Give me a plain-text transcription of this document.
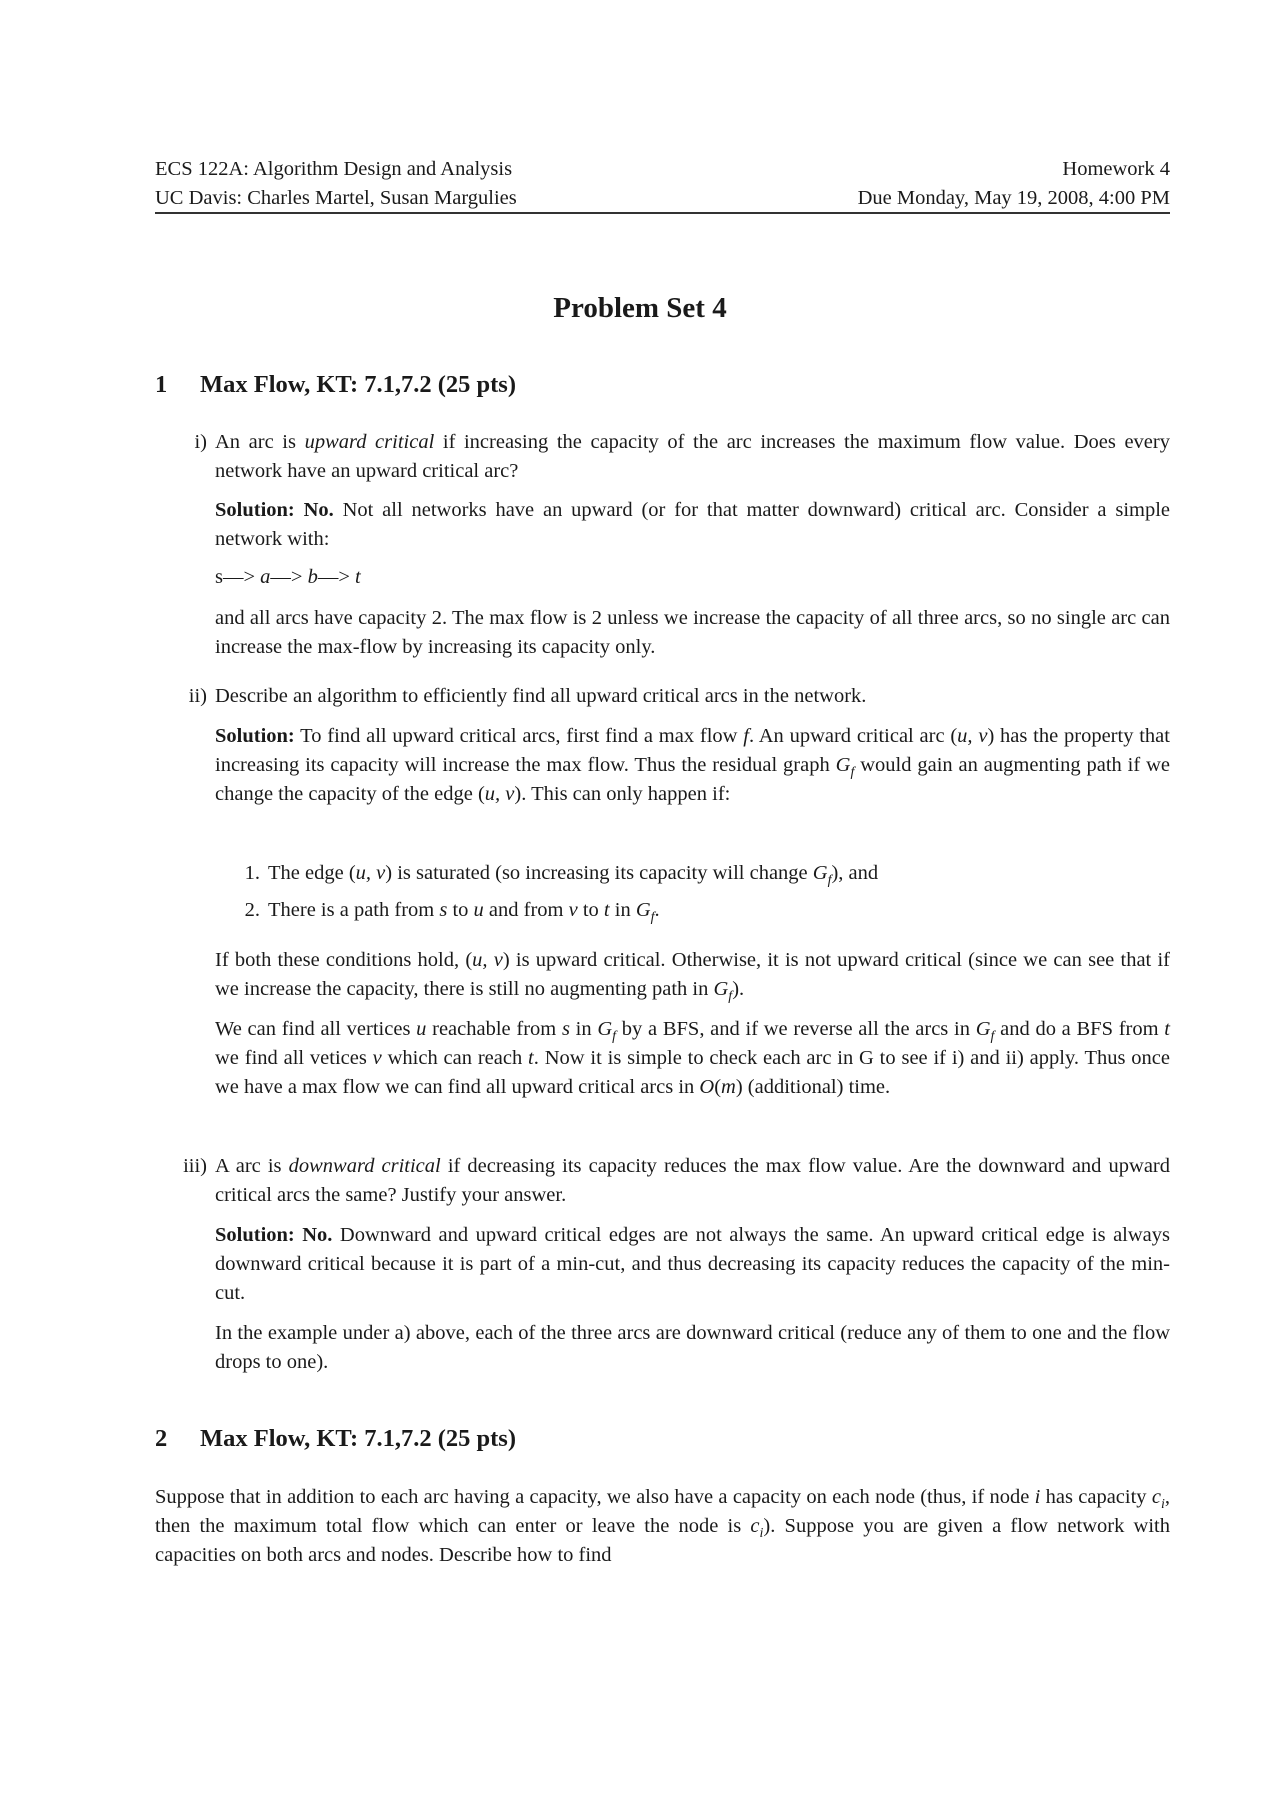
ECS 122A: Algorithm Design and Analysis	Homework 4
UC Davis: Charles Martel, Susan Margulies	Due Monday, May 19, 2008, 4:00 PM
Problem Set 4
1 Max Flow, KT: 7.1,7.2 (25 pts)
i) An arc is upward critical if increasing the capacity of the arc increases the maximum flow value. Does every network have an upward critical arc?
Solution: No. Not all networks have an upward (or for that matter downward) critical arc. Consider a simple network with:
s—> a—> b—> t
and all arcs have capacity 2. The max flow is 2 unless we increase the capacity of all three arcs, so no single arc can increase the max-flow by increasing its capacity only.
ii) Describe an algorithm to efficiently find all upward critical arcs in the network.
Solution: To find all upward critical arcs, first find a max flow f. An upward critical arc (u, v) has the property that increasing its capacity will increase the max flow. Thus the residual graph $G_f$ would gain an augmenting path if we change the capacity of the edge (u, v). This can only happen if:
1. The edge (u, v) is saturated (so increasing its capacity will change $G_f$), and
2. There is a path from s to u and from v to t in $G_f$.
If both these conditions hold, (u, v) is upward critical. Otherwise, it is not upward critical (since we can see that if we increase the capacity, there is still no augmenting path in $G_f$).
We can find all vertices u reachable from s in $G_f$ by a BFS, and if we reverse all the arcs in $G_f$ and do a BFS from t we find all vetices v which can reach t. Now it is simple to check each arc in G to see if i) and ii) apply. Thus once we have a max flow we can find all upward critical arcs in O(m) (additional) time.
iii) A arc is downward critical if decreasing its capacity reduces the max flow value. Are the downward and upward critical arcs the same? Justify your answer.
Solution: No. Downward and upward critical edges are not always the same. An upward critical edge is always downward critical because it is part of a min-cut, and thus decreasing its capacity reduces the capacity of the min-cut.
In the example under a) above, each of the three arcs are downward critical (reduce any of them to one and the flow drops to one).
2 Max Flow, KT: 7.1,7.2 (25 pts)
Suppose that in addition to each arc having a capacity, we also have a capacity on each node (thus, if node i has capacity $c_i$, then the maximum total flow which can enter or leave the node is $c_i$). Suppose you are given a flow network with capacities on both arcs and nodes. Describe how to find
